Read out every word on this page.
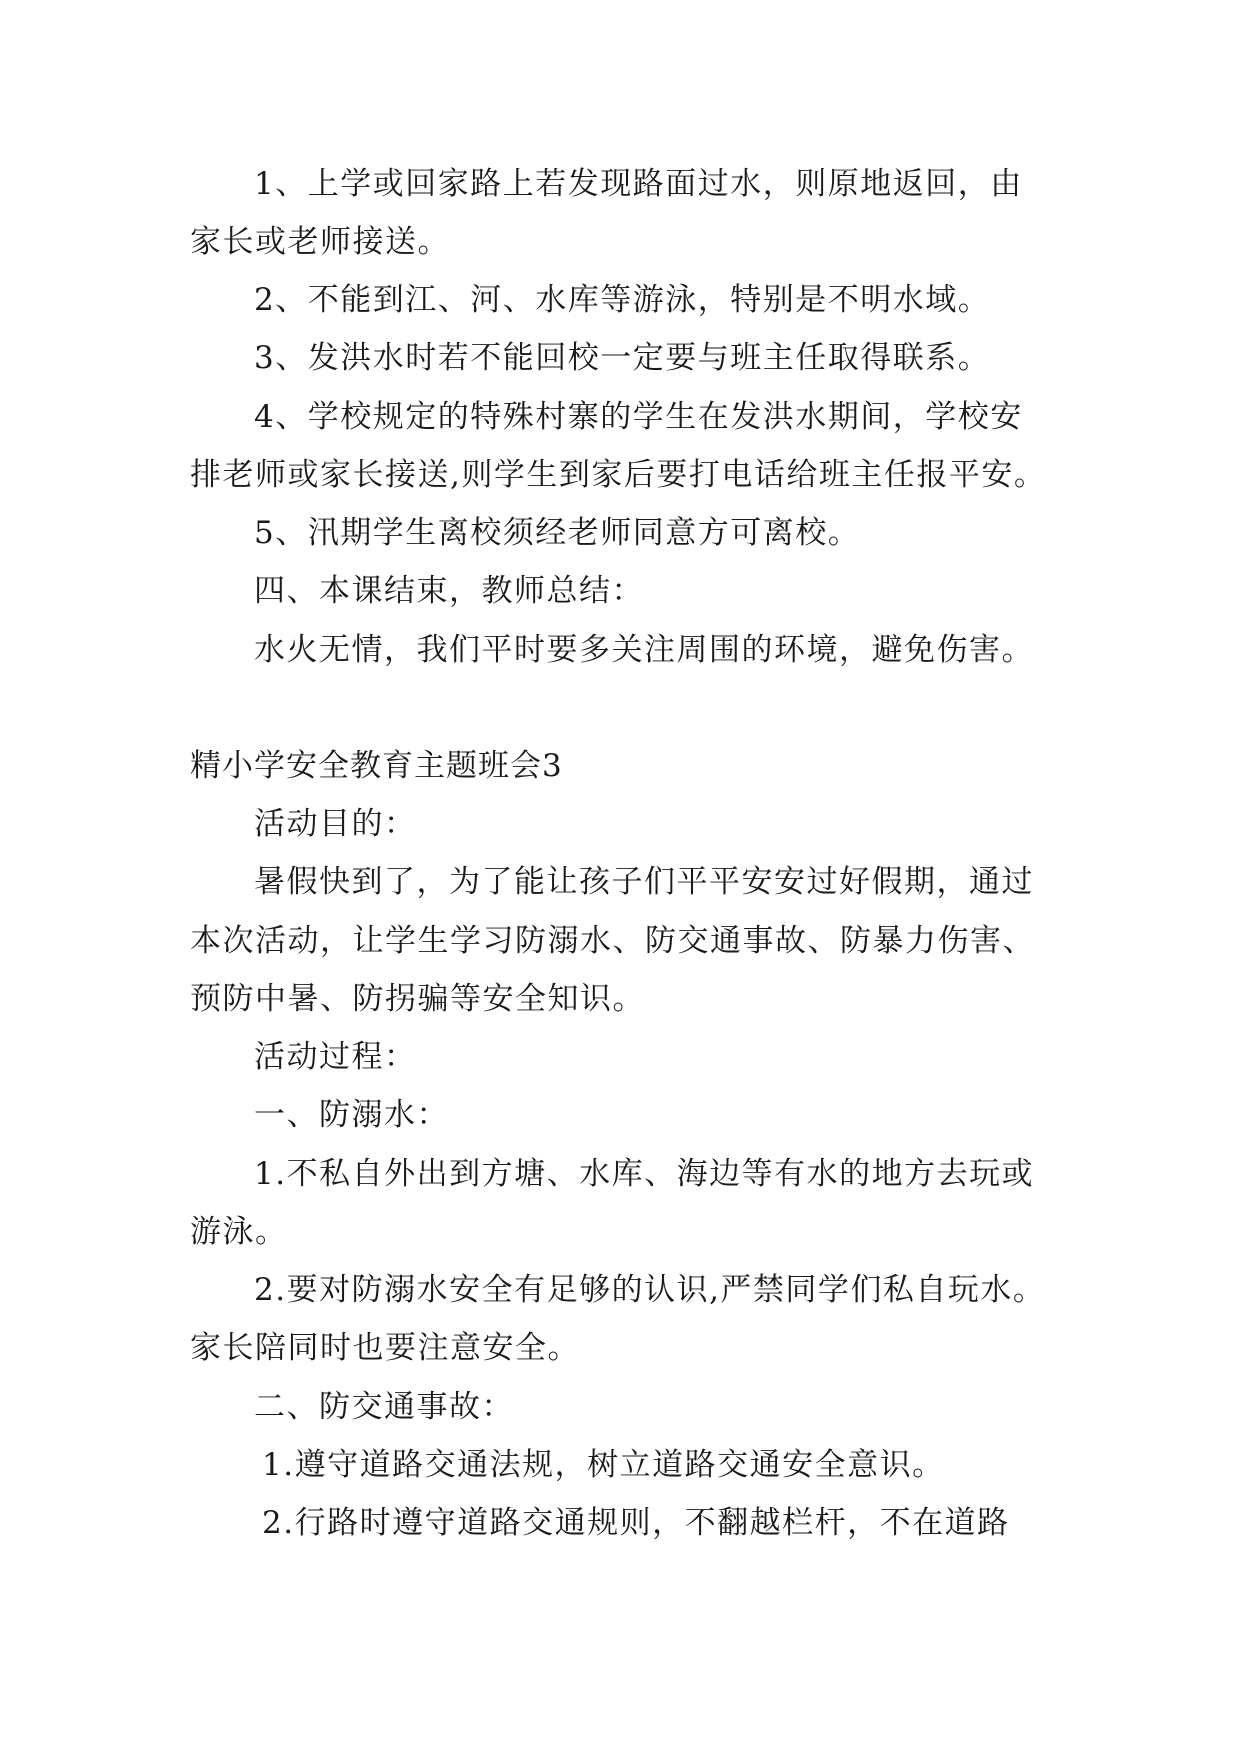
1、上学或回家路上若发现路面过水，则原地返回，由
家长或老师接送。
2、不能到江、河、水库等游泳，特别是不明水域。
3、发洪水时若不能回校一定要与班主任取得联系。
4、学校规定的特殊村寨的学生在发洪水期间，学校安
排老师或家长接送,则学生到家后要打电话给班主任报平安。
5、汛期学生离校须经老师同意方可离校。
四、本课结束，教师总结：
水火无情，我们平时要多关注周围的环境，避免伤害。
精小学安全教育主题班会3
活动目的：
暑假快到了，为了能让孩子们平平安安过好假期，通过
本次活动，让学生学习防溺水、防交通事故、防暴力伤害、
预防中暑、防拐骗等安全知识。
活动过程：
一、防溺水：
1.不私自外出到方塘、水库、海边等有水的地方去玩或
游泳。
2.要对防溺水安全有足够的认识,严禁同学们私自玩水。
家长陪同时也要注意安全。
二、防交通事故：
1.遵守道路交通法规，树立道路交通安全意识。
2.行路时遵守道路交通规则，不翻越栏杆，不在道路
